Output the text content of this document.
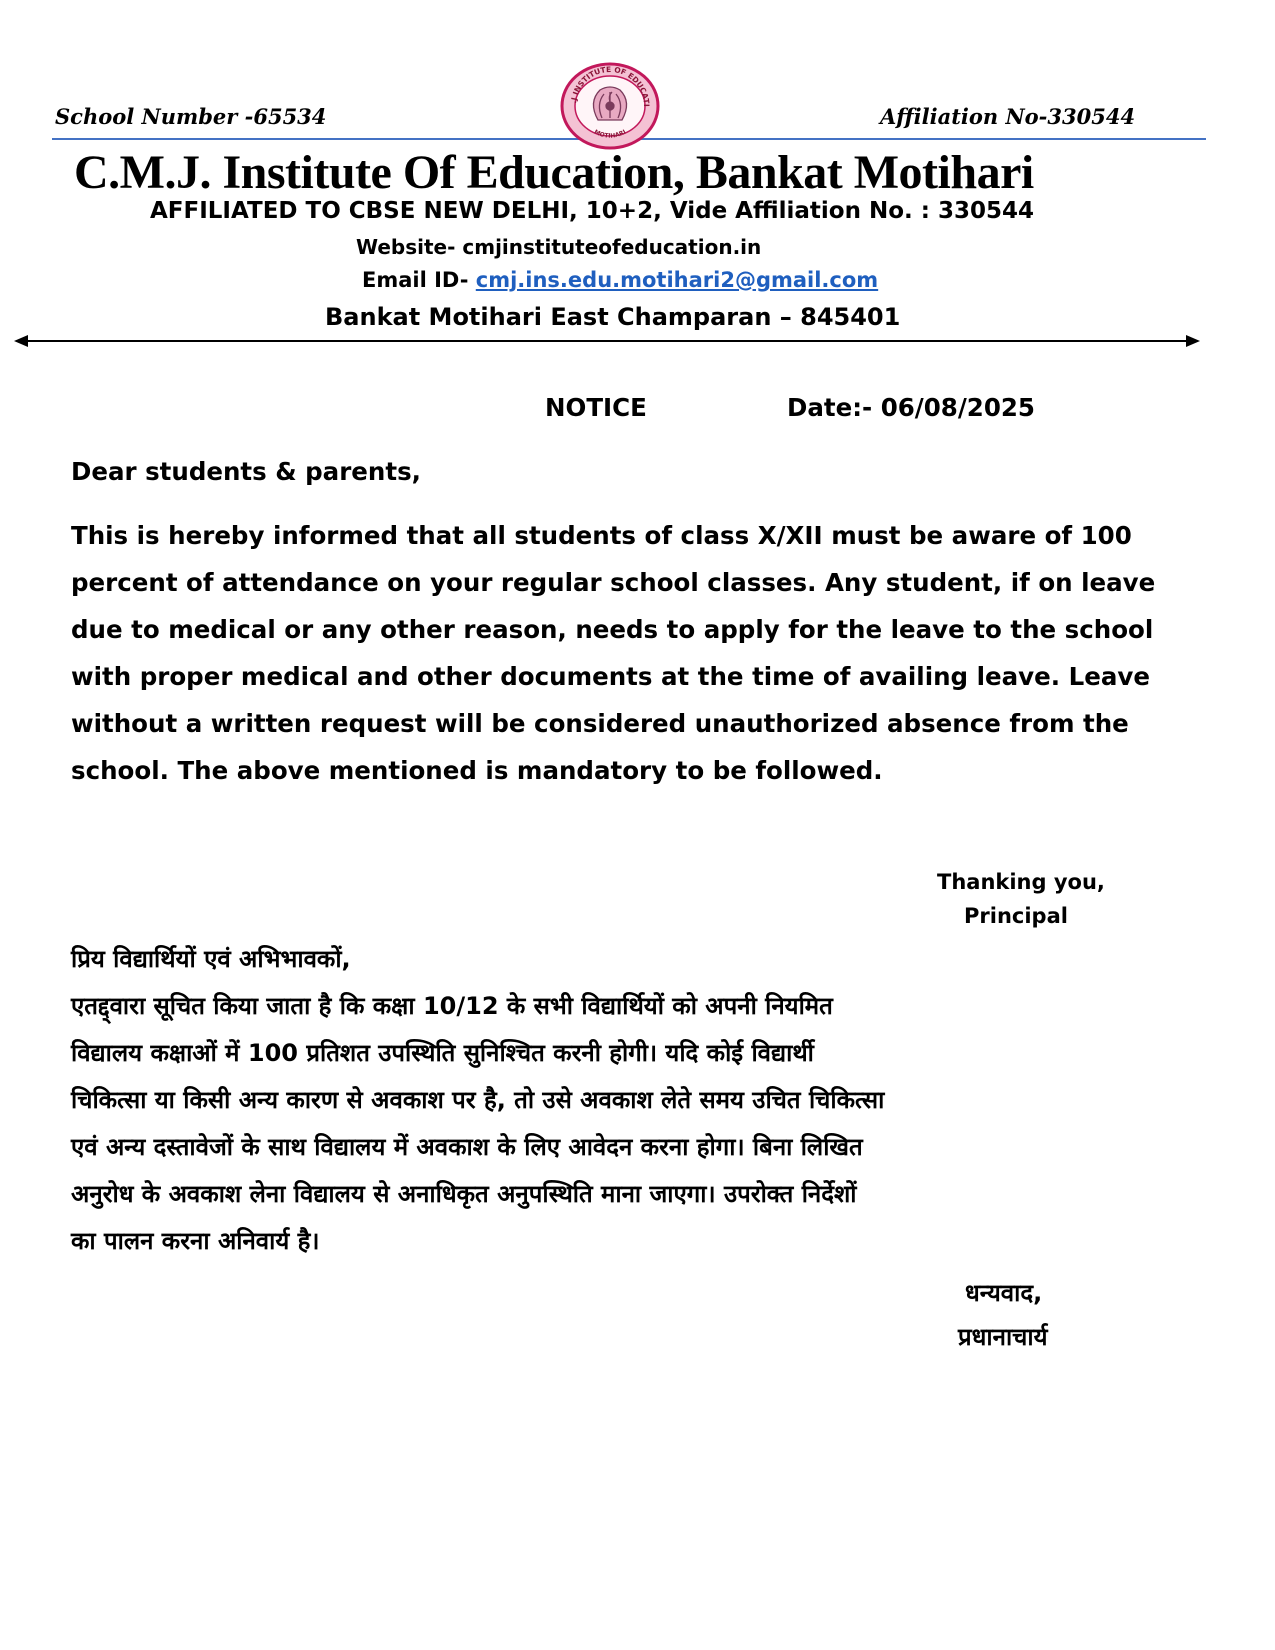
School Number -65534	Affiliation No-330544
.J INSTITUTE OF EDUCATI
MOTIHARI
C.M.J. Institute Of Education, Bankat Motihari
AFFILIATED TO CBSE NEW DELHI, 10+2, Vide Affiliation No. : 330544
Website- cmjinstituteofeducation.in
Email ID- cmj.ins.edu.motihari2@gmail.com
Bankat Motihari East Champaran – 845401
NOTICE	Date:- 06/08/2025
Dear students & parents,
This is hereby informed that all students of class X/XII must be aware of 100
percent of attendance on your regular school classes. Any student, if on leave
due to medical or any other reason, needs to apply for the leave to the school
with proper medical and other documents at the time of availing leave. Leave
without a written request will be considered unauthorized absence from the
school. The above mentioned is mandatory to be followed.
Thanking you,
Principal
प्रिय विद्यार्थियों एवं अभिभावकों,
एतद्द्वारा सूचित किया जाता है कि कक्षा 10/12 के सभी विद्यार्थियों को अपनी नियमित
विद्यालय कक्षाओं में 100 प्रतिशत उपस्थिति सुनिश्चित करनी होगी। यदि कोई विद्यार्थी
चिकित्सा या किसी अन्य कारण से अवकाश पर है, तो उसे अवकाश लेते समय उचित चिकित्सा
एवं अन्य दस्तावेजों के साथ विद्यालय में अवकाश के लिए आवेदन करना होगा। बिना लिखित
अनुरोध के अवकाश लेना विद्यालय से अनाधिकृत अनुपस्थिति माना जाएगा। उपरोक्त निर्देशों
का पालन करना अनिवार्य है।
धन्यवाद,
प्रधानाचार्य
